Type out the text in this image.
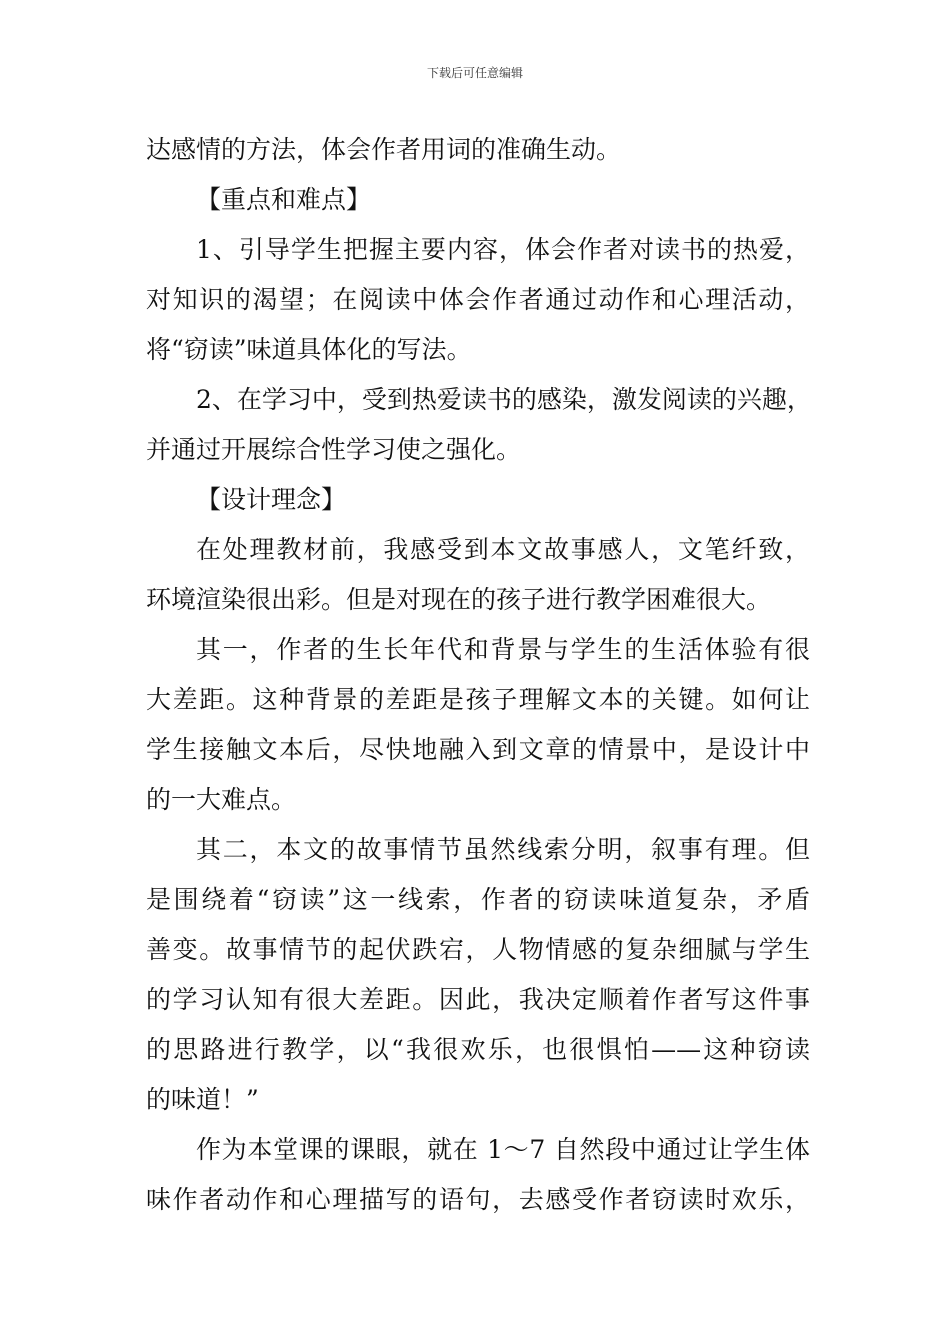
下载后可任意编辑
达感情的方法，体会作者用词的准确生动。
【重点和难点】
1、引导学生把握主要内容，体会作者对读书的热爱，
对知识的渴望；在阅读中体会作者通过动作和心理活动，
将“窃读”味道具体化的写法。
2、在学习中，受到热爱读书的感染，激发阅读的兴趣，
并通过开展综合性学习使之强化。
【设计理念】
在处理教材前，我感受到本文故事感人，文笔纤致，
环境渲染很出彩。但是对现在的孩子进行教学困难很大。
其一，作者的生长年代和背景与学生的生活体验有很
大差距。这种背景的差距是孩子理解文本的关键。如何让
学生接触文本后，尽快地融入到文章的情景中，是设计中
的一大难点。
其二，本文的故事情节虽然线索分明，叙事有理。但
是围绕着“窃读”这一线索，作者的窃读味道复杂，矛盾
善变。故事情节的起伏跌宕，人物情感的复杂细腻与学生
的学习认知有很大差距。因此，我决定顺着作者写这件事
的思路进行教学，以“我很欢乐，也很惧怕——这种窃读
的味道！”
作为本堂课的课眼，就在 1～7 自然段中通过让学生体
味作者动作和心理描写的语句，去感受作者窃读时欢乐，
